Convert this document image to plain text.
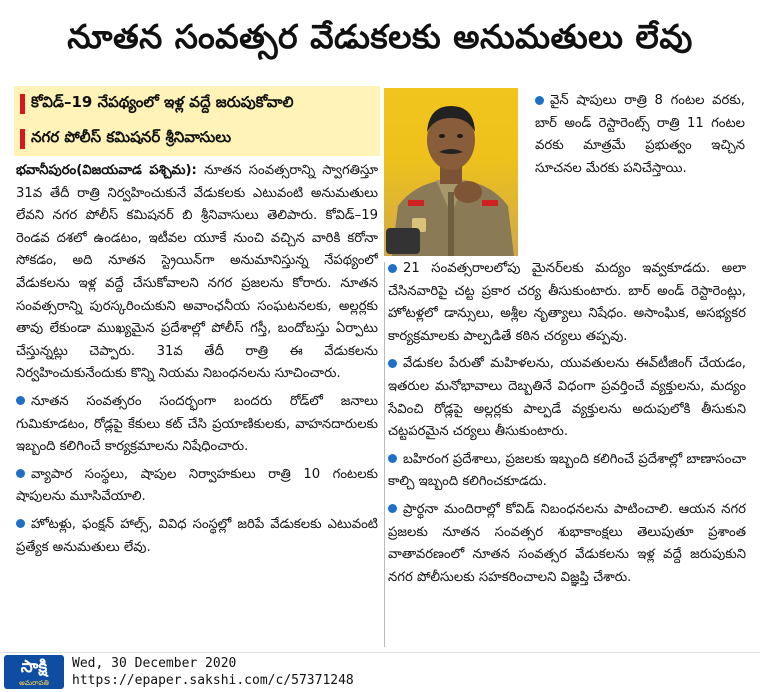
నూతన సంవత్సర వేడుకలకు అనుమతులు లేవు
కోవిడ్‌–19 నేపథ్యంలో ఇళ్ల వద్దే జరుపుకోవాలి
నగర పోలీస్‌ కమిషనర్‌ శ్రీనివాసులు

భవానీపురం(విజయవాడ పశ్చిమ): నూతన సంవత్సరాన్ని స్వాగతిస్తూ 31వ తేదీ రాత్రి నిర్వహించుకునే వేడుకలకు ఎటువంటి అనుమతులు లేవని నగర పోలీస్‌ కమిషనర్‌ బి శ్రీనివాసులు తెలిపారు. కోవిడ్‌–19 రెండవ దశలో ఉండటం, ఇటీవల యూకే నుంచి వచ్చిన వారికి కరోనా సోకడం, అది నూతన స్ట్రెయిన్‌గా అనుమానిస్తున్న నేపథ్యంలో వేడుకలను ఇళ్ల వద్దే చేసుకోవాలని నగర ప్రజలను కోరారు. నూతన సంవత్సరాన్ని పురస్కరించుకుని అవాంఛనీయ సంఘటనలకు, అల్లర్లకు తావు లేకుండా ముఖ్యమైన ప్రదేశాల్లో పోలీస్‌ గస్తీ, బందోబస్తు ఏర్పాటు చేస్తున్నట్లు చెప్పారు. 31వ తేదీ రాత్రి ఈ వేడుకలను నిర్వహించుకునేందుకు కొన్ని నియమ నిబంధనలను సూచించారు.

నూతన సంవత్సరం సందర్భంగా బందరు రోడ్‌లో జనాలు గుమికూడటం, రోడ్లపై కేకులు కట్‌ చేసి ప్రయాణికులకు, వాహనదారులకు ఇబ్బంది కలిగించే కార్యక్రమాలను నిషేధించారు.

వ్యాపార సంస్థలు, షాపుల నిర్వాహకులు రాత్రి 10 గంటలకు షాపులను మూసివేయాలి.

హోటళ్లు, ఫంక్షన్‌ హాల్స్, వివిధ సంస్థల్లో జరిపే వేడుకలకు ఎటువంటి ప్రత్యేక అనుమతులు లేవు.

వైన్‌ షాపులు రాత్రి 8 గంటల వరకు, బార్‌ అండ్‌ రెస్టారెంట్స్‌ రాత్రి 11 గంటల వరకు మాత్రమే ప్రభుత్వం ఇచ్చిన సూచనల మేరకు పనిచేస్తాయి.

21 సంవత్సరాలలోపు మైనర్‌లకు మద్యం ఇవ్వకూడదు. అలా చేసినవారిపై చట్ట ప్రకార చర్య తీసుకుంటారు. బార్‌ అండ్‌ రెస్టారెంట్లు, హోటళ్లలో డాన్సులు, అశ్లీల నృత్యాలు నిషేధం. అసాంఘిక, అసభ్యకర కార్యక్రమాలకు పాల్పడితే కఠిన చర్యలు తప్పవు.

వేడుకల పేరుతో మహిళలను, యువతులను ఈవ్‌టీజింగ్‌ చేయడం, ఇతరుల మనోభావాలు దెబ్బతినే విధంగా ప్రవర్తించే వ్యక్తులను, మద్యం సేవించి రోడ్లపై అల్లర్లకు పాల్పడే వ్యక్తులను అదుపులోకి తీసుకుని చట్టపరమైన చర్యలు తీసుకుంటారు.

బహిరంగ ప్రదేశాలు, ప్రజలకు ఇబ్బంది కలిగించే ప్రదేశాల్లో బాణాసంచా కాల్చి ఇబ్బంది కలిగించకూడదు.

ప్రార్థనా మందిరాల్లో కోవిడ్‌ నిబంధనలను పాటించాలి. ఆయన నగర ప్రజలకు నూతన సంవత్సర శుభాకాంక్షలు తెలుపుతూ ప్రశాంత వాతావరణంలో నూతన సంవత్సర వేడుకలను ఇళ్ల వద్దే జరుపుకుని నగర పోలీసులకు సహకరించాలని విజ్ఞప్తి చేశారు.

సాక్షి
అమరావతి
Wed, 30 December 2020
https://epaper.sakshi.com/c/57371248
